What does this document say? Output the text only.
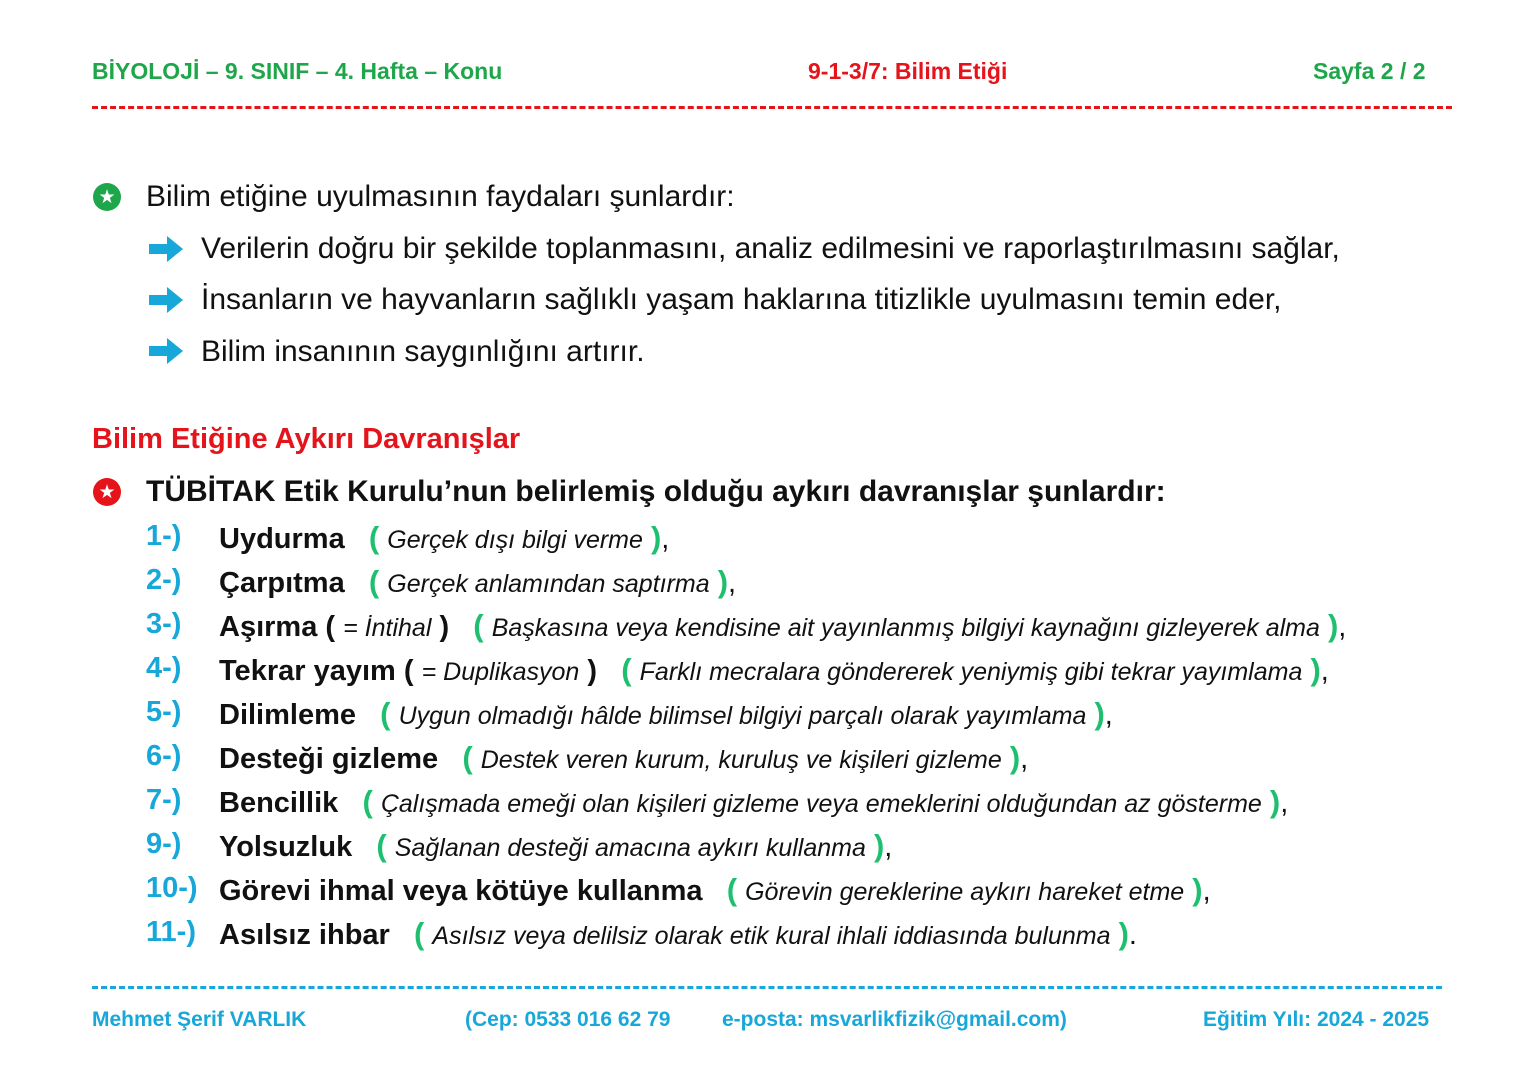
BİYOLOJİ – 9. SINIF – 4. Hafta – Konu	9-1-3/7: Bilim Etiği	Sayfa 2 / 2
★ Bilim etiğine uyulmasının faydaları şunlardır:
Verilerin doğru bir şekilde toplanmasını, analiz edilmesini ve raporlaştırılmasını sağlar,
İnsanların ve hayvanların sağlıklı yaşam haklarına titizlikle uyulmasını temin eder,
Bilim insanının saygınlığını artırır.
Bilim Etiğine Aykırı Davranışlar
★ TÜBİTAK Etik Kurulu’nun belirlemiş olduğu aykırı davranışlar şunlardır:
1-) Uydurma ( Gerçek dışı bilgi verme ),
2-) Çarpıtma ( Gerçek anlamından saptırma ),
3-) Aşırma ( = İntihal ) ( Başkasına veya kendisine ait yayınlanmış bilgiyi kaynağını gizleyerek alma ),
4-) Tekrar yayım ( = Duplikasyon ) ( Farklı mecralara göndererek yeniymiş gibi tekrar yayımlama ),
5-) Dilimleme ( Uygun olmadığı hâlde bilimsel bilgiyi parçalı olarak yayımlama ),
6-) Desteği gizleme ( Destek veren kurum, kuruluş ve kişileri gizleme ),
7-) Bencillik ( Çalışmada emeği olan kişileri gizleme veya emeklerini olduğundan az gösterme ),
9-) Yolsuzluk ( Sağlanan desteği amacına aykırı kullanma ),
10-) Görevi ihmal veya kötüye kullanma ( Görevin gereklerine aykırı hareket etme ),
11-) Asılsız ihbar ( Asılsız veya delilsiz olarak etik kural ihlali iddiasında bulunma ).
Mehmet Şerif VARLIK	(Cep: 0533 016 62 79 e-posta: msvarlikfizik@gmail.com)	Eğitim Yılı: 2024 - 2025
